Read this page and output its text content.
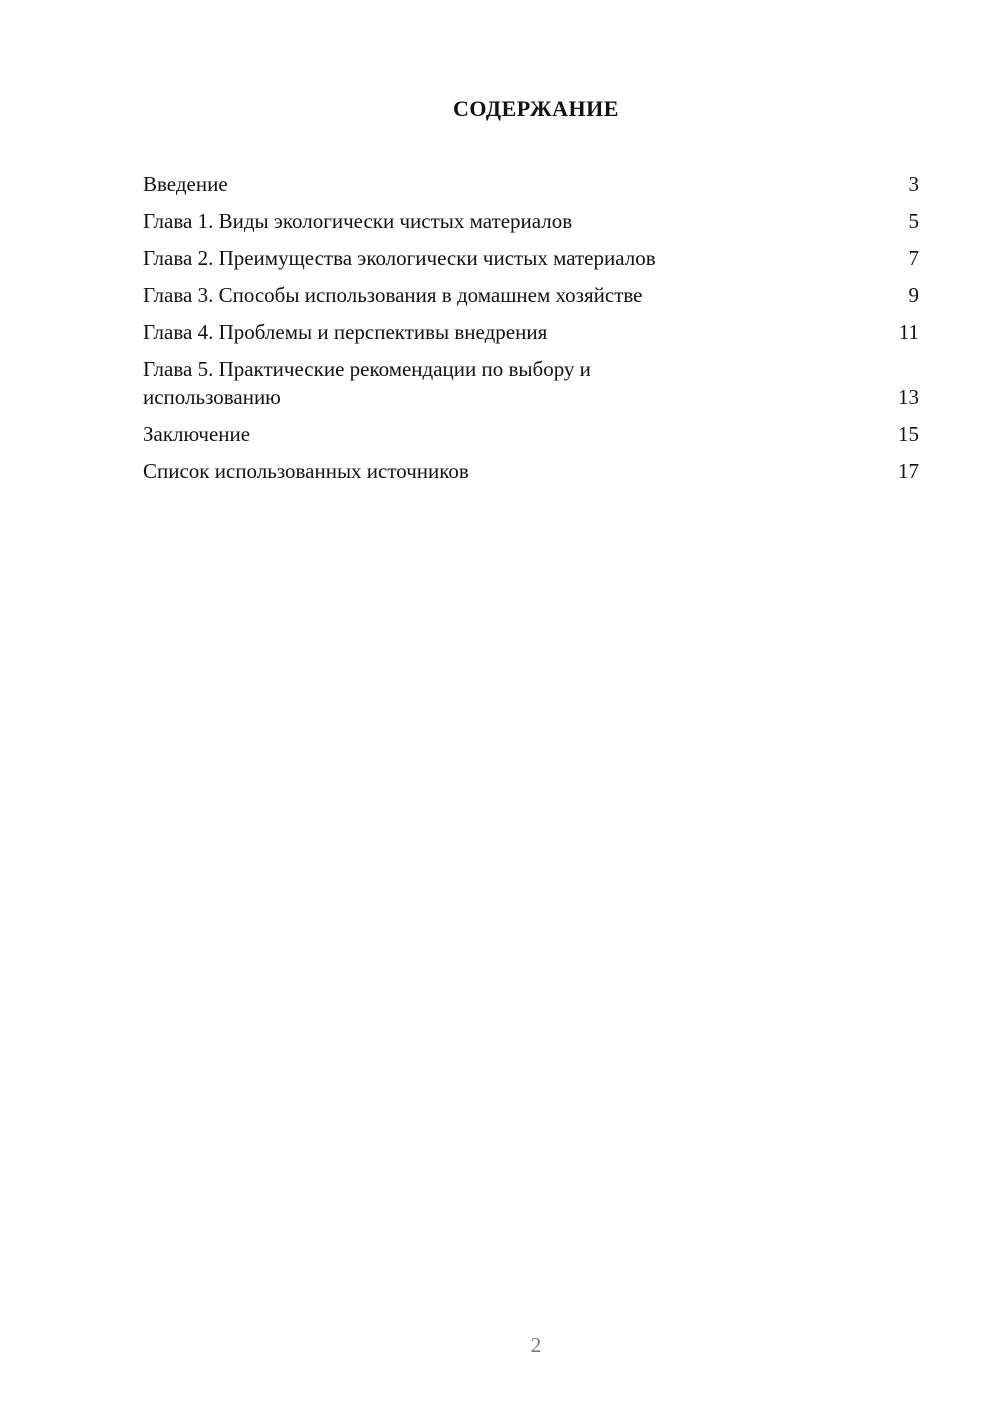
СОДЕРЖАНИЕ
Введение	3
Глава 1. Виды экологически чистых материалов	5
Глава 2. Преимущества экологически чистых материалов	7
Глава 3. Способы использования в домашнем хозяйстве	9
Глава 4. Проблемы и перспективы внедрения	11
Глава 5. Практические рекомендации по выбору и использованию	13
Заключение	15
Список использованных источников	17
2
